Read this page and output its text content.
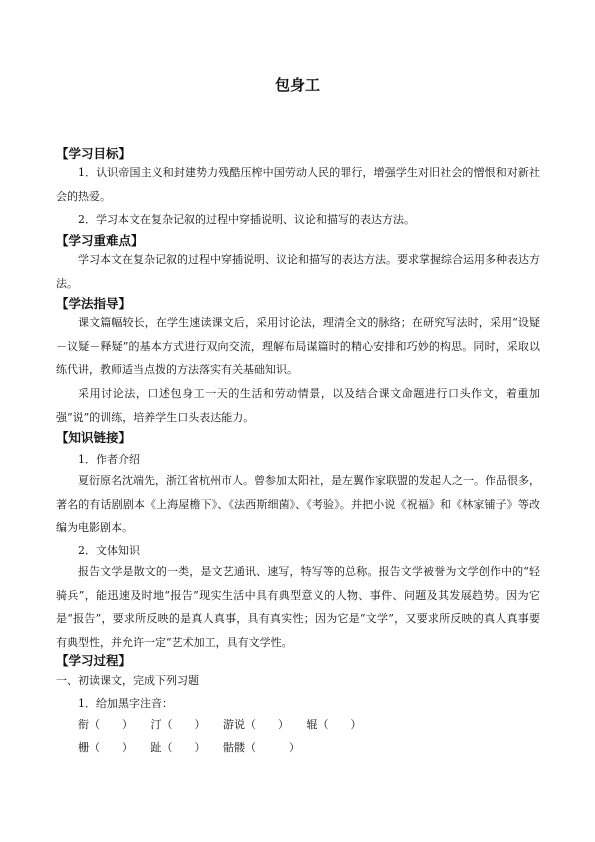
包身工
【学习目标】

1．认识帝国主义和封建势力残酷压榨中国劳动人民的罪行，增强学生对旧社会的憎恨和对新社会的热爱。

2．学习本文在复杂记叙的过程中穿插说明、议论和描写的表达方法。

【学习重难点】

学习本文在复杂记叙的过程中穿插说明、议论和描写的表达方法。要求掌握综合运用多种表达方法。

【学法指导】

课文篇幅较长，在学生速读课文后，采用讨论法，理清全文的脉络；在研究写法时，采用“设疑－议疑－释疑”的基本方式进行双向交流，理解布局谋篇时的精心安排和巧妙的构思。同时，采取以练代讲，教师适当点拨的方法落实有关基础知识。

采用讨论法，口述包身工一天的生活和劳动情景，以及结合课文命题进行口头作文，着重加强“说”的训练，培养学生口头表达能力。

【知识链接】
1．作者介绍

夏衍原名沈端先，浙江省杭州市人。曾参加太阳社，是左翼作家联盟的发起人之一。作品很多，著名的有话剧剧本《上海屋檐下》、《法西斯细菌》、《考验》。并把小说《祝福》和《林家铺子》等改编为电影剧本。

2．文体知识

报告文学是散文的一类，是文艺通讯、速写，特写等的总称。报告文学被誉为文学创作中的“轻骑兵”，能迅速及时地“报告”现实生活中具有典型意义的人物、事件、问题及其发展趋势。因为它是“报告”，要求所反映的是真人真事，具有真实性；因为它是“文学”，又要求所反映的真人真事要有典型性，并允许一定“艺术加工，具有文学性。

【学习过程】
一、初读课文，完成下列习题
1．给加黑字注音：
衔（　　） 汀（　　） 游说（　　） 辊（　　）
栅（　　） 趾（　　） 骷髅（　　　）
